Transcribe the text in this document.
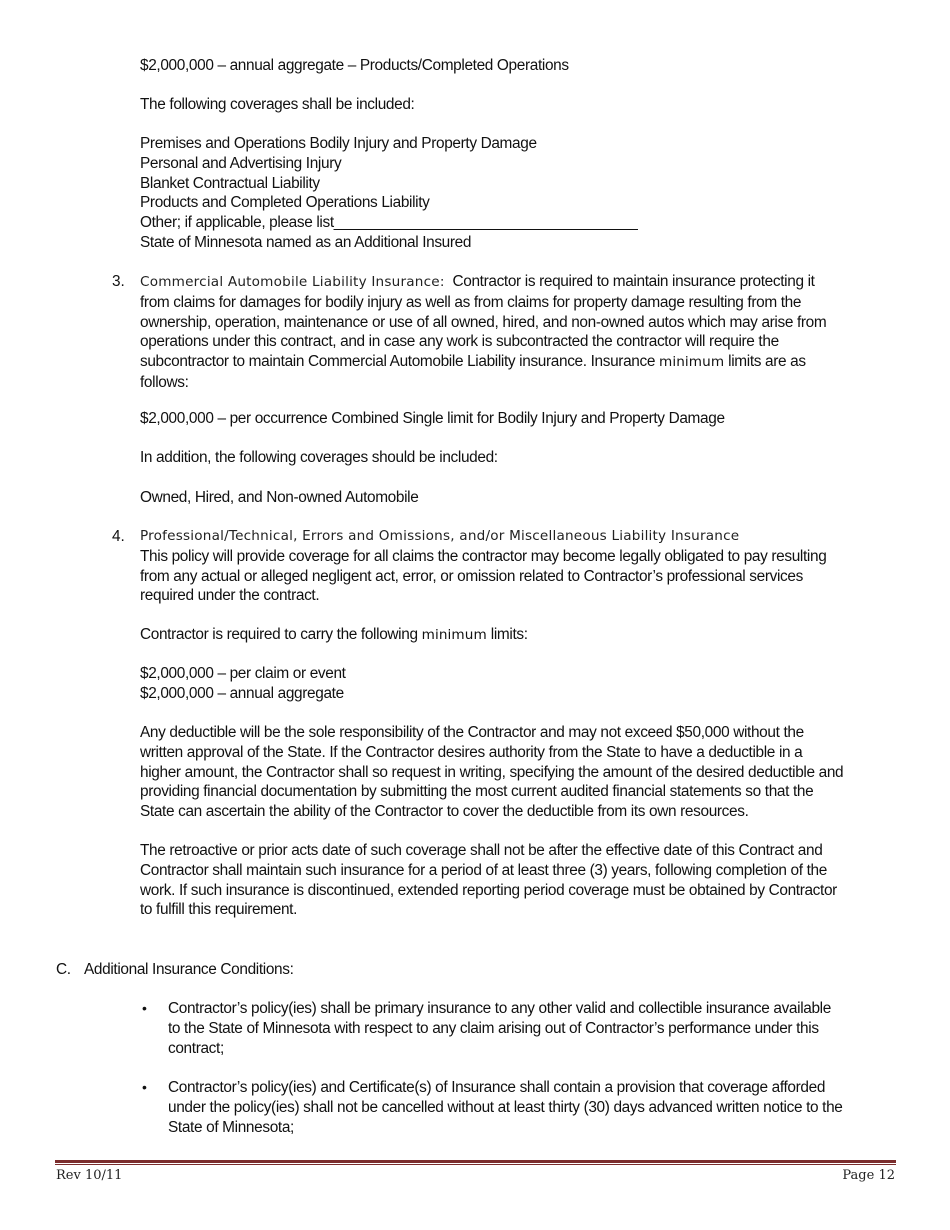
$2,000,000 – annual aggregate – Products/Completed Operations
The following coverages shall be included:
Premises and Operations Bodily Injury and Property Damage
Personal and Advertising Injury
Blanket Contractual Liability
Products and Completed Operations Liability
Other; if applicable, please list_____________________________________
State of Minnesota named as an Additional Insured
3. Commercial Automobile Liability Insurance: Contractor is required to maintain insurance protecting it
from claims for damages for bodily injury as well as from claims for property damage resulting from the
ownership, operation, maintenance or use of all owned, hired, and non-owned autos which may arise from
operations under this contract, and in case any work is subcontracted the contractor will require the
subcontractor to maintain Commercial Automobile Liability insurance. Insurance minimum limits are as
follows:
$2,000,000 – per occurrence Combined Single limit for Bodily Injury and Property Damage
In addition, the following coverages should be included:
Owned, Hired, and Non-owned Automobile
4. Professional/Technical, Errors and Omissions, and/or Miscellaneous Liability Insurance
This policy will provide coverage for all claims the contractor may become legally obligated to pay resulting
from any actual or alleged negligent act, error, or omission related to Contractor’s professional services
required under the contract.
Contractor is required to carry the following minimum limits:
$2,000,000 – per claim or event
$2,000,000 – annual aggregate
Any deductible will be the sole responsibility of the Contractor and may not exceed $50,000 without the
written approval of the State. If the Contractor desires authority from the State to have a deductible in a
higher amount, the Contractor shall so request in writing, specifying the amount of the desired deductible and
providing financial documentation by submitting the most current audited financial statements so that the
State can ascertain the ability of the Contractor to cover the deductible from its own resources.
The retroactive or prior acts date of such coverage shall not be after the effective date of this Contract and
Contractor shall maintain such insurance for a period of at least three (3) years, following completion of the
work. If such insurance is discontinued, extended reporting period coverage must be obtained by Contractor
to fulfill this requirement.
C. Additional Insurance Conditions:
• Contractor’s policy(ies) shall be primary insurance to any other valid and collectible insurance available
to the State of Minnesota with respect to any claim arising out of Contractor’s performance under this
contract;
• Contractor’s policy(ies) and Certificate(s) of Insurance shall contain a provision that coverage afforded
under the policy(ies) shall not be cancelled without at least thirty (30) days advanced written notice to the
State of Minnesota;
Rev 10/11	Page 12
